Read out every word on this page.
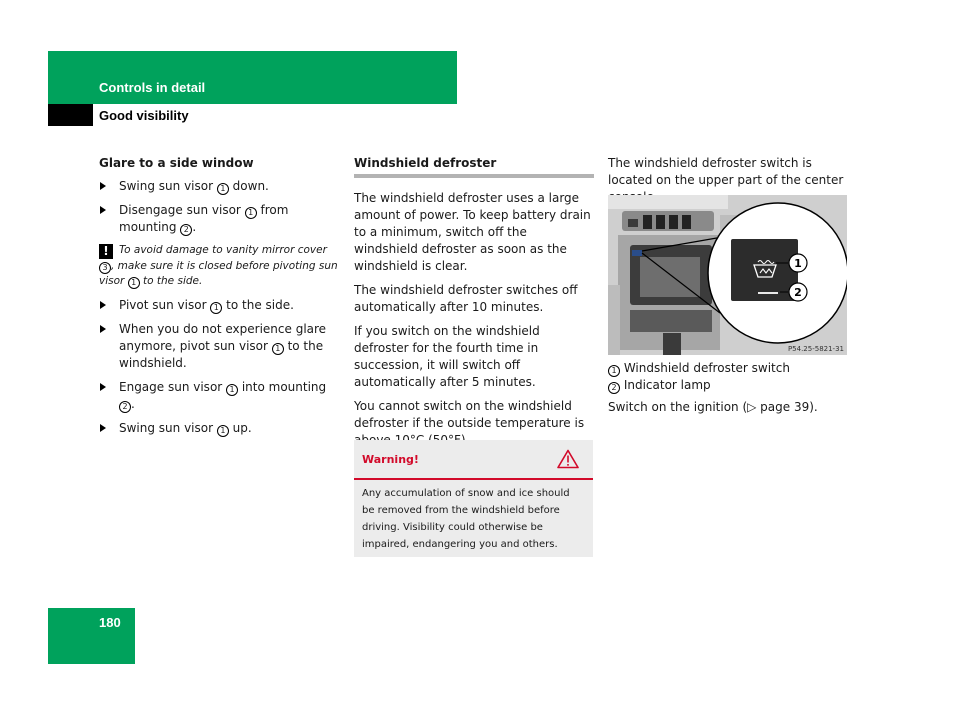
Controls in detail
Good visibility
Glare to a side window
Swing sun visor 1 down.
Disengage sun visor 1 from mounting 2 .
! To avoid damage to vanity mirror cover 3 , make sure it is closed before pivoting sun visor 1 to the side.
Pivot sun visor 1 to the side.
When you do not experience glare anymore, pivot sun visor 1 to the windshield.
Engage sun visor 1 into mounting 2 .
Swing sun visor 1 up.
Windshield defroster
The windshield defroster uses a large amount of power. To keep battery drain to a minimum, switch off the windshield defroster as soon as the windshield is clear.
The windshield defroster switches off automatically after 10 minutes.
If you switch on the windshield defroster for the fourth time in succession, it will switch off automatically after 5 minutes.
You cannot switch on the windshield defroster if the outside temperature is
Warning!
Any accumulation of snow and ice should be removed from the windshield before driving. Visibility could otherwise be impaired, endangering you and others.
The windshield defroster switch is located on the upper part of the center
1
2
P54.25-5821-31
1 Windshield defroster switch
2 Indicator lamp
Switch on the ignition (▷ page 39).
180
